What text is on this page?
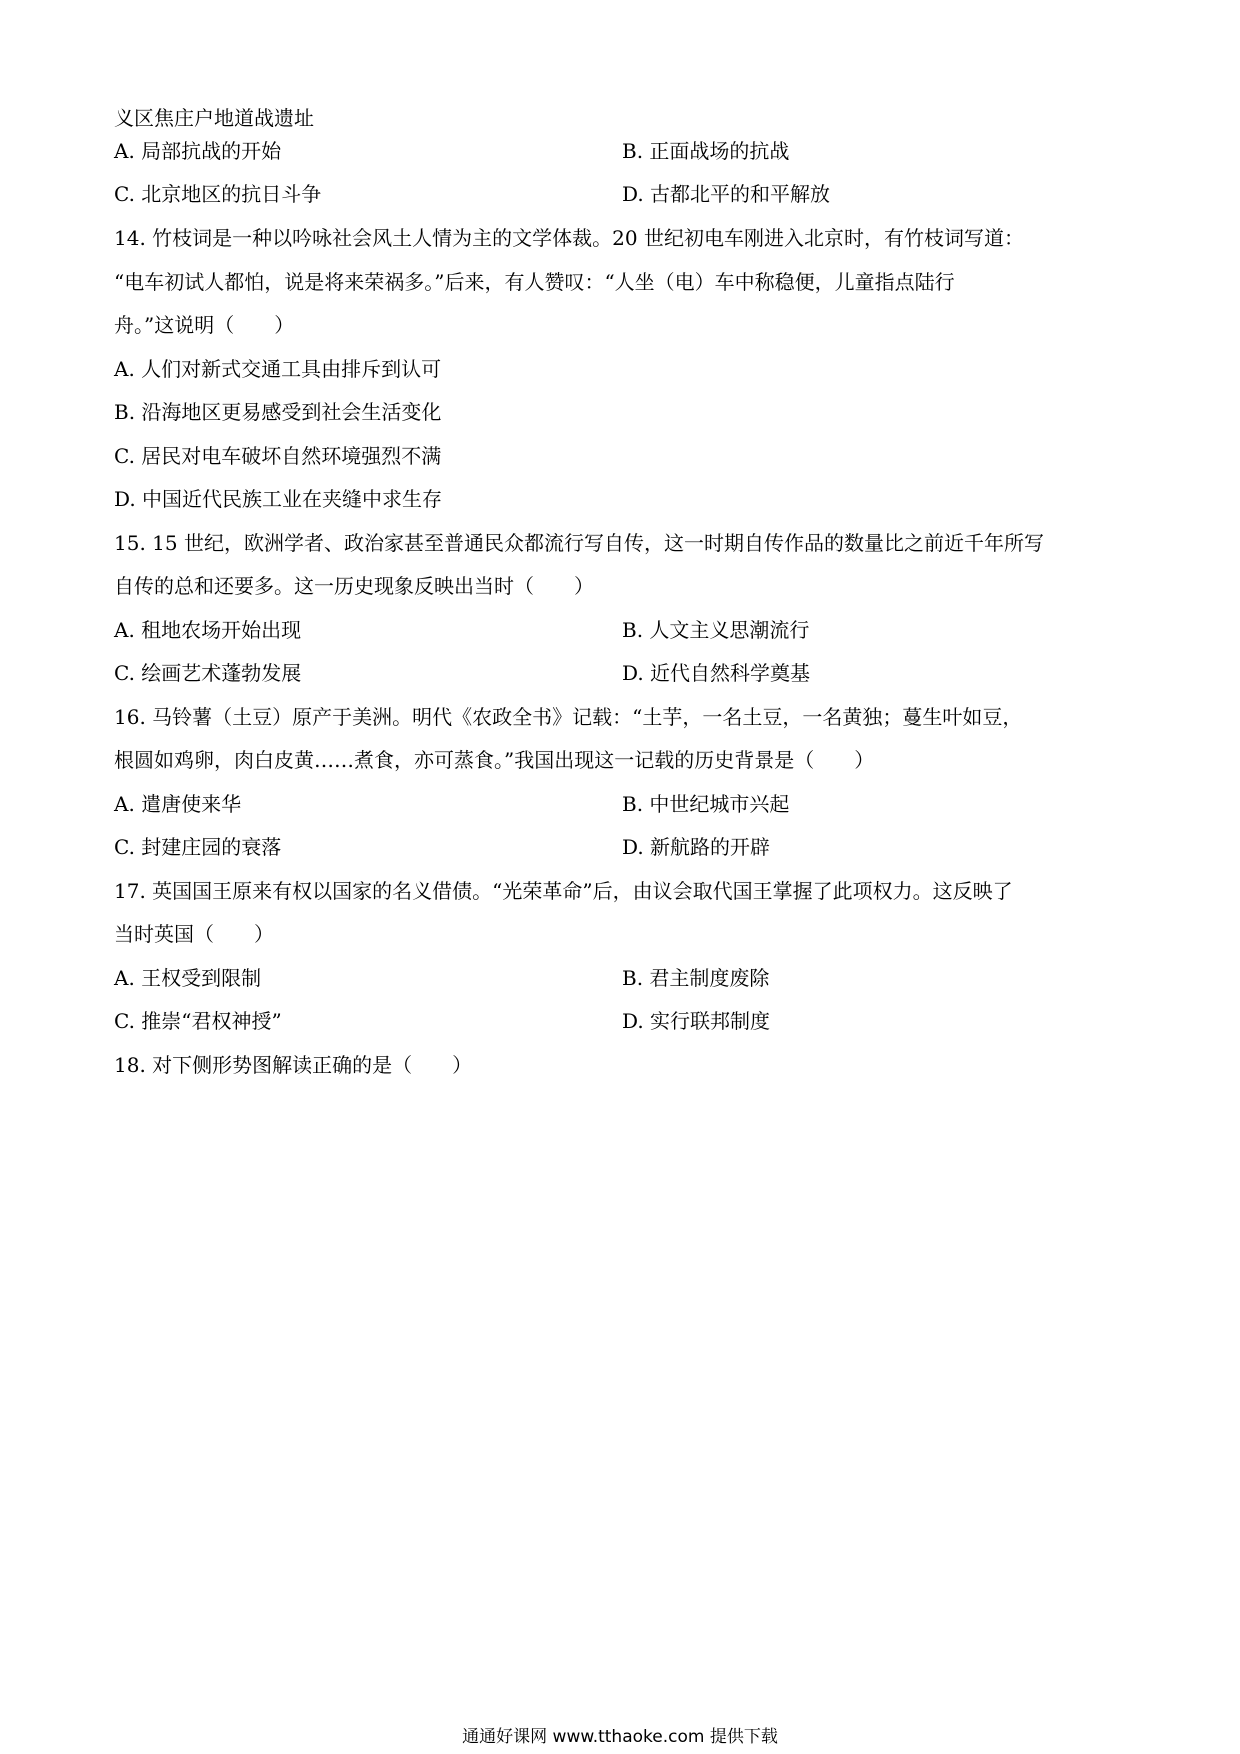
义区焦庄户地道战遗址
A. 局部抗战的开始	B. 正面战场的抗战
C. 北京地区的抗日斗争	D. 古都北平的和平解放
14. 竹枝词是一种以吟咏社会风土人情为主的文学体裁。20 世纪初电车刚进入北京时，有竹枝词写道：
“电车初试人都怕，说是将来荣祸多。”后来，有人赞叹：“人坐（电）车中称稳便，儿童指点陆行
舟。”这说明（　　）
A. 人们对新式交通工具由排斥到认可
B. 沿海地区更易感受到社会生活变化
C. 居民对电车破坏自然环境强烈不满
D. 中国近代民族工业在夹缝中求生存
15. 15 世纪，欧洲学者、政治家甚至普通民众都流行写自传，这一时期自传作品的数量比之前近千年所写
自传的总和还要多。这一历史现象反映出当时（　　）
A. 租地农场开始出现	B. 人文主义思潮流行
C. 绘画艺术蓬勃发展	D. 近代自然科学奠基
16. 马铃薯（土豆）原产于美洲。明代《农政全书》记载：“土芋，一名土豆，一名黄独；蔓生叶如豆，
根圆如鸡卵，肉白皮黄……煮食，亦可蒸食。”我国出现这一记载的历史背景是（　　）
A. 遣唐使来华	B. 中世纪城市兴起
C. 封建庄园的衰落	D. 新航路的开辟
17. 英国国王原来有权以国家的名义借债。“光荣革命”后，由议会取代国王掌握了此项权力。这反映了
当时英国（　　）
A. 王权受到限制	B. 君主制度废除
C. 推崇“君权神授”	D. 实行联邦制度
18. 对下侧形势图解读正确的是（　　）
通通好课网 www.tthaoke.com 提供下载
